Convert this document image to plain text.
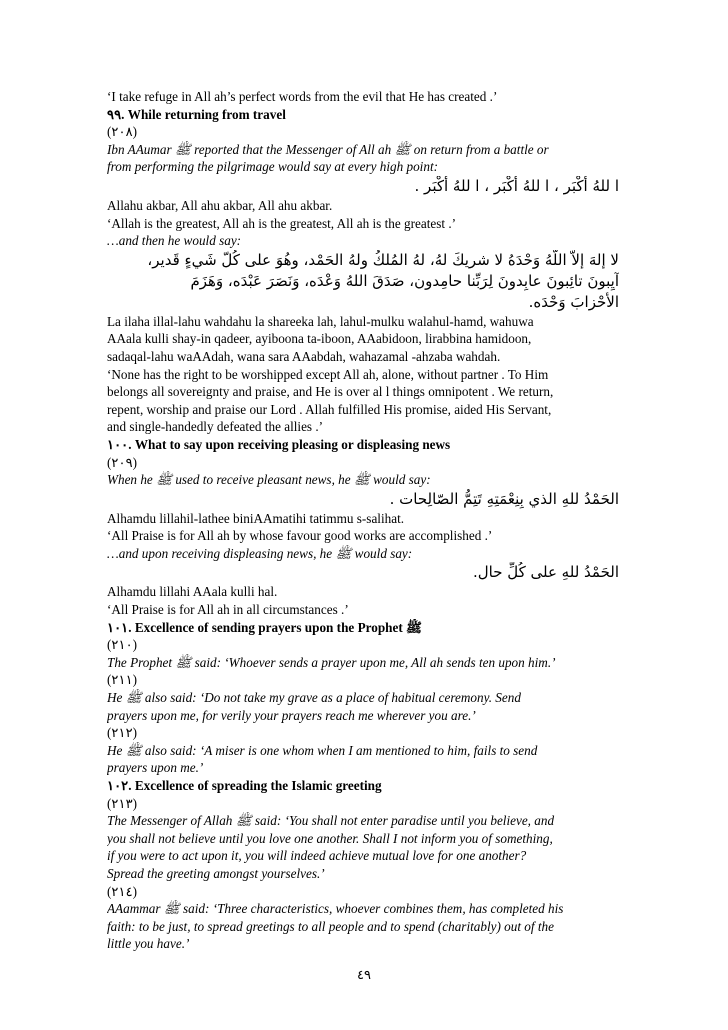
‘I take refuge in All ah’s perfect words from the evil that He has created .’
٩٩. While returning from travel
(٢٠٨)
Ibn AAumar ﷺ reported that the Messenger of All ah ﷺ on return from a battle or
from performing the pilgrimage would say at every high point:
ا للهُ أَكْبَر ، ا للهُ أَكْبَر ، ا للهُ أَكْبَر .
Allahu akbar, All ahu akbar, All ahu akbar.
‘Allah is the greatest, All ah is the greatest, All ah is the greatest .’
…and then he would say:
لا إلهَ إلاّ اللّهُ وَحْدَهُ لا شريكَ لهُ، لهُ المُلكُ ولهُ الحَمْد، وهُوَ على كُلّ شَيءٍ قَدير،
آيِبونَ تائِبونَ عابِدونَ لِرَبِّنا حامِدون، صَدَقَ اللهُ وَعْدَه، وَنَصَرَ عَبْدَه، وَهَزَمَ
الأَحْزابَ وَحْدَه.
La ilaha illal-lahu wahdahu la shareeka lah, lahul-mulku walahul-hamd, wahuwa
AAala kulli shay-in qadeer, ayiboona ta-iboon, AAabidoon, lirabbina hamidoon,
sadaqal-lahu waAAdah, wana sara AAabdah, wahazamal -ahzaba wahdah.
‘None has the right to be worshipped except All ah, alone, without partner . To Him
belongs all sovereignty and praise, and He is over al l things omnipotent . We return,
repent, worship and praise our Lord . Allah fulfilled His promise, aided His Servant,
and single-handedly defeated the allies .’
١٠٠. What to say upon receiving pleasing or displeasing news
(٢٠٩)
When he ﷺ used to receive pleasant news, he ﷺ would say:
الحَمْدُ للهِ الذي بِنِعْمَتِهِ تَتِمُّ الصّالِحات .
Alhamdu lillahil-lathee biniAAmatihi tatimmu s-salihat.
‘All Praise is for All ah by whose favour good works are accomplished .’
…and upon receiving displeasing news, he ﷺ would say:
الحَمْدُ للهِ على كُلِّ حال.
Alhamdu lillahi AAala kulli hal.
‘All Praise is for All ah in all circumstances .’
١٠١. Excellence of sending prayers upon the Prophet ﷺ
(٢١٠)
The Prophet ﷺ said: ‘Whoever sends a prayer upon me, All ah sends ten upon him.’
(٢١١)
He ﷺ also said: ‘Do not take my grave as a place of habitual ceremony. Send
prayers upon me, for verily your prayers reach me wherever you are.’
(٢١٢)
He ﷺ also said: ‘A miser is one whom when I am mentioned to him, fails to send
prayers upon me.’
١٠٢. Excellence of spreading the Islamic greeting
(٢١٣)
The Messenger of Allah ﷺ said: ‘You shall not enter paradise until you believe, and
you shall not believe until you love one another. Shall I not inform you of something,
if you were to act upon it, you will indeed achieve mutual love for one another?
Spread the greeting amongst yourselves.’
(٢١٤)
AAammar ﷺ said: ‘Three characteristics, whoever combines them, has completed his
faith: to be just, to spread greetings to all people and to spend (charitably) out of the
little you have.’
٤٩
